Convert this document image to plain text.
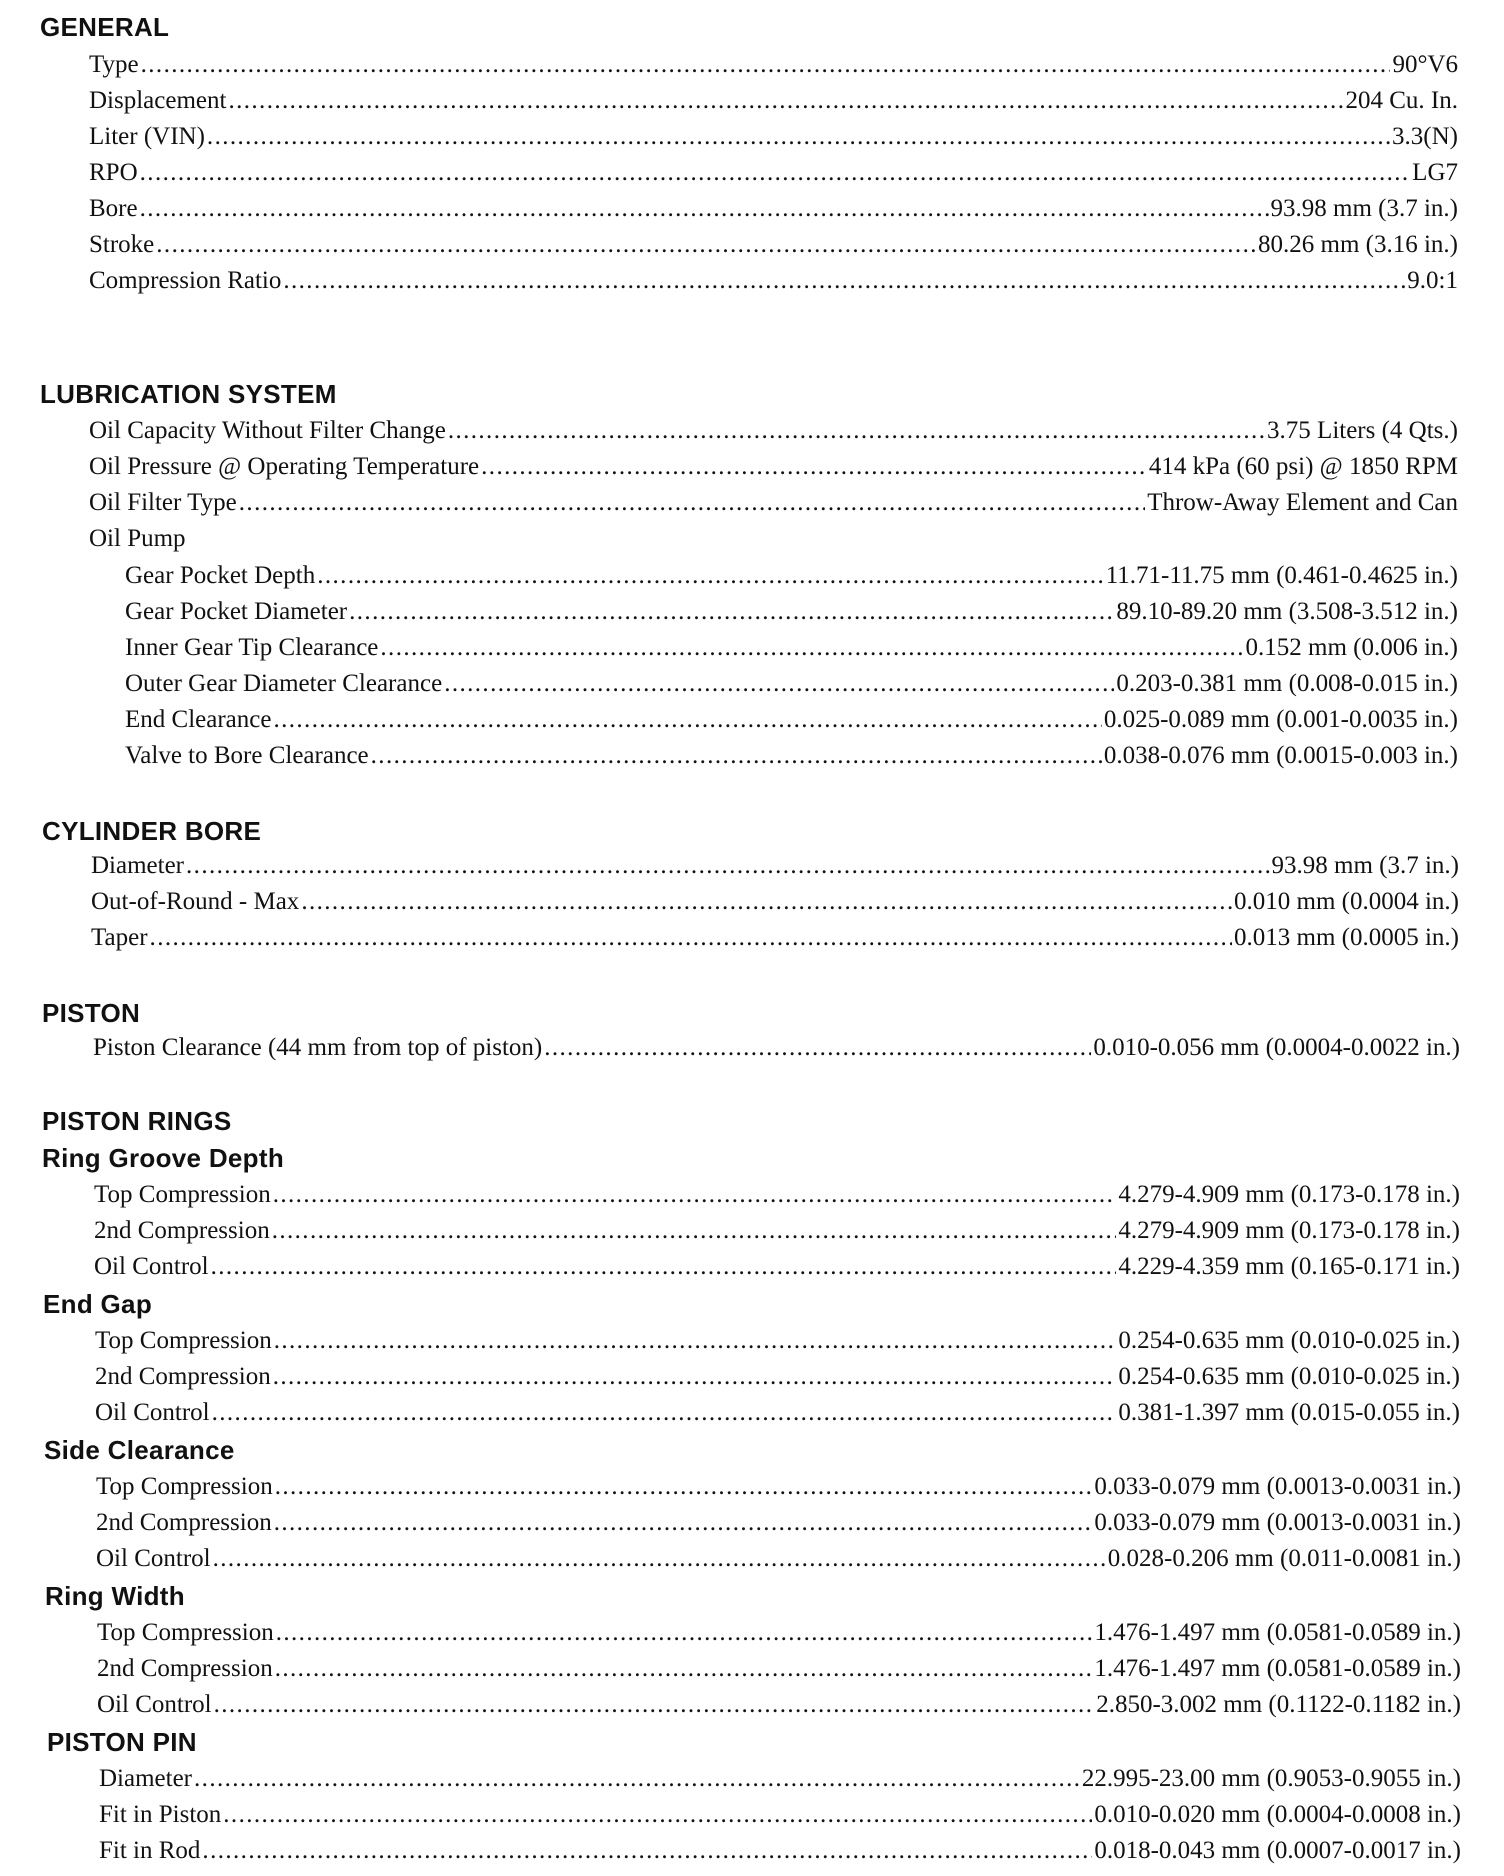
GENERAL
Type .....	90°V6
Displacement .....	204 Cu. In.
Liter (VIN) .....	3.3(N)
RPO .....	LG7
Bore .....	93.98 mm (3.7 in.)
Stroke .....	80.26 mm (3.16 in.)
Compression Ratio .....	9.0:1
LUBRICATION SYSTEM
Oil Capacity Without Filter Change .....	3.75 Liters (4 Qts.)
Oil Pressure @ Operating Temperature .....	414 kPa (60 psi) @ 1850 RPM
Oil Filter Type .....	Throw-Away Element and Can
Oil Pump
Gear Pocket Depth .....	11.71-11.75 mm (0.461-0.4625 in.)
Gear Pocket Diameter .....	89.10-89.20 mm (3.508-3.512 in.)
Inner Gear Tip Clearance .....	0.152 mm (0.006 in.)
Outer Gear Diameter Clearance .....	0.203-0.381 mm (0.008-0.015 in.)
End Clearance .....	0.025-0.089 mm (0.001-0.0035 in.)
Valve to Bore Clearance .....	0.038-0.076 mm (0.0015-0.003 in.)
CYLINDER BORE
Diameter .....	93.98 mm (3.7 in.)
Out-of-Round - Max .....	0.010 mm (0.0004 in.)
Taper .....	0.013 mm (0.0005 in.)
PISTON
Piston Clearance (44 mm from top of piston) .....	0.010-0.056 mm (0.0004-0.0022 in.)
PISTON RINGS
Ring Groove Depth
Top Compression .....	4.279-4.909 mm (0.173-0.178 in.)
2nd Compression .....	4.279-4.909 mm (0.173-0.178 in.)
Oil Control .....	4.229-4.359 mm (0.165-0.171 in.)
End Gap
Top Compression .....	0.254-0.635 mm (0.010-0.025 in.)
2nd Compression .....	0.254-0.635 mm (0.010-0.025 in.)
Oil Control .....	0.381-1.397 mm (0.015-0.055 in.)
Side Clearance
Top Compression .....	0.033-0.079 mm (0.0013-0.0031 in.)
2nd Compression .....	0.033-0.079 mm (0.0013-0.0031 in.)
Oil Control .....	0.028-0.206 mm (0.011-0.0081 in.)
Ring Width
Top Compression .....	1.476-1.497 mm (0.0581-0.0589 in.)
2nd Compression .....	1.476-1.497 mm (0.0581-0.0589 in.)
Oil Control .....	2.850-3.002 mm (0.1122-0.1182 in.)
PISTON PIN
Diameter .....	22.995-23.00 mm (0.9053-0.9055 in.)
Fit in Piston .....	0.010-0.020 mm (0.0004-0.0008 in.)
Fit in Rod .....	0.018-0.043 mm (0.0007-0.0017 in.)
